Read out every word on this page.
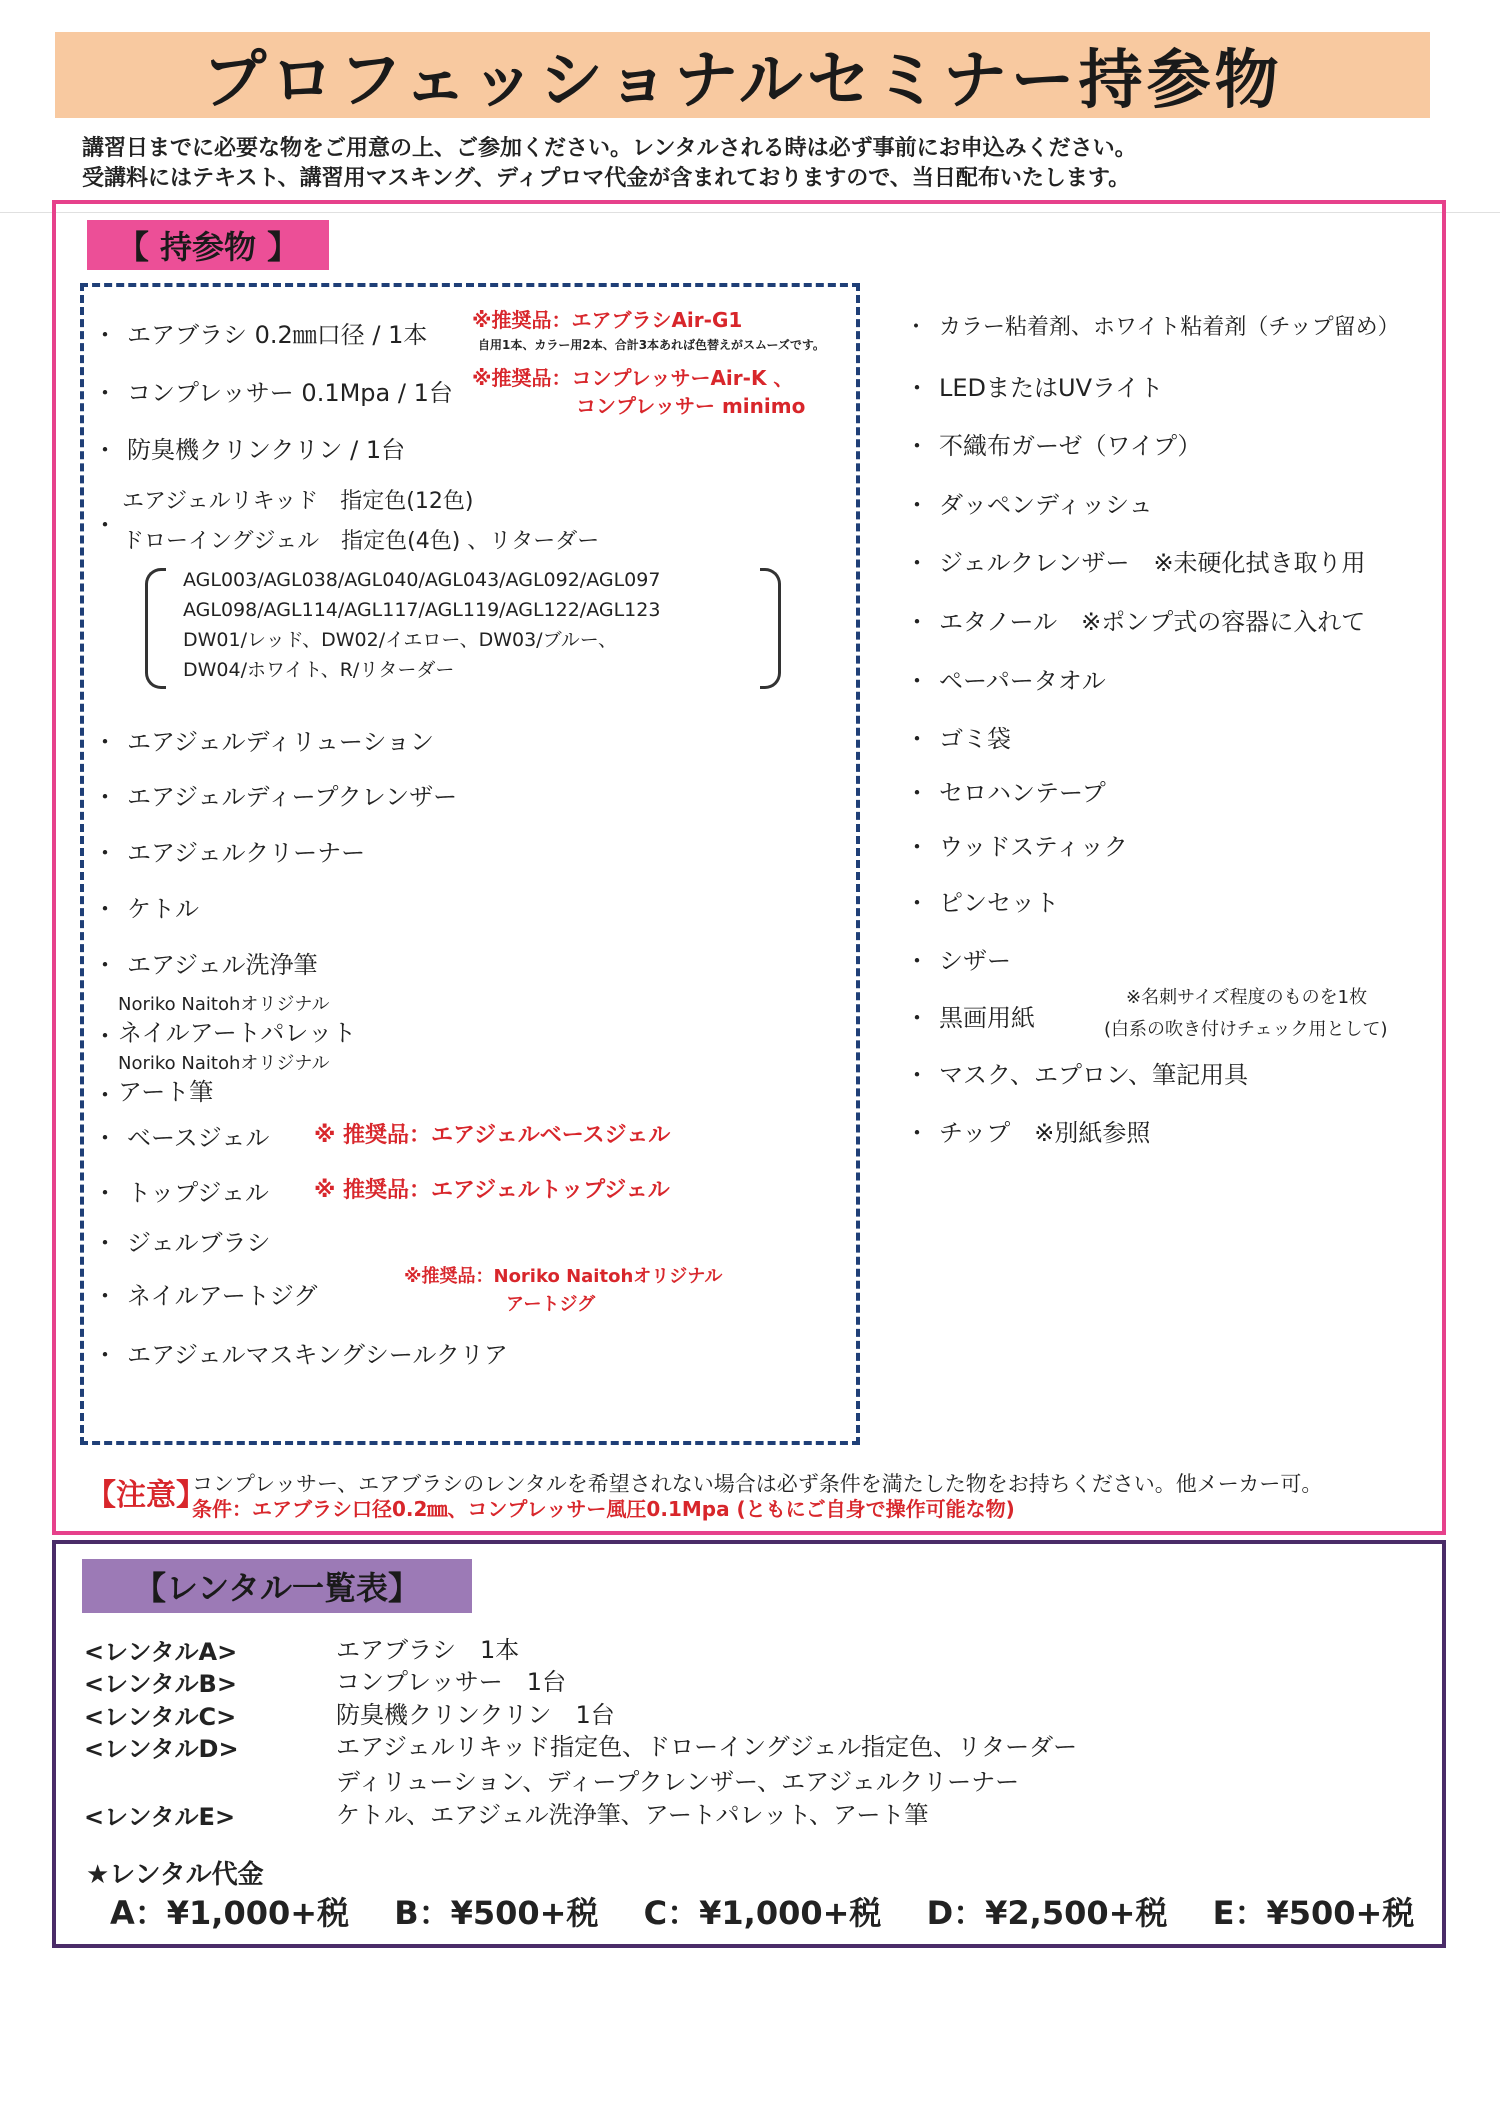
プロフェッショナルセミナー持参物
講習日までに必要な物をご用意の上、ご参加ください。レンタルされる時は必ず事前にお申込みください。
受講料にはテキスト、講習用マスキング、ディプロマ代金が含まれておりますので、当日配布いたします。
【 持参物 】
・ エアブラシ 0.2㎜口径 / 1本
※推奨品：エアブラシAir-G1
自用1本、カラー用2本、合計3本あれば色替えがスムーズです。
・ コンプレッサー 0.1Mpa / 1台
※推奨品：コンプレッサーAir-K 、
コンプレッサー minimo
・ 防臭機クリンクリン / 1台
・
エアジェルリキッド　指定色(12色)
ドローイングジェル　指定色(4色) 、リターダー
AGL003/AGL038/AGL040/AGL043/AGL092/AGL097
AGL098/AGL114/AGL117/AGL119/AGL122/AGL123
DW01/レッド、DW02/イエロー、DW03/ブルー、
DW04/ホワイト、R/リターダー
・ エアジェルディリューション
・ エアジェルディープクレンザー
・ エアジェルクリーナー
・ ケトル
・ エアジェル洗浄筆
・
Noriko Naitohオリジナル
ネイルアートパレット
・
Noriko Naitohオリジナル
アート筆
・ ベースジェル ※ 推奨品：エアジェルベースジェル
・ トップジェル ※ 推奨品：エアジェルトップジェル
・ ジェルブラシ
・ ネイルアートジグ
※推奨品：Noriko Naitohオリジナル
アートジグ
・ エアジェルマスキングシールクリア
・ カラー粘着剤、ホワイト粘着剤（チップ留め）
・ LEDまたはUVライト
・ 不織布ガーゼ（ワイプ）
・ ダッペンディッシュ
・ ジェルクレンザー　※未硬化拭き取り用
・ エタノール　※ポンプ式の容器に入れて
・ ペーパータオル
・ ゴミ袋
・ セロハンテープ
・ ウッドスティック
・ ピンセット
・ シザー
・ 黒画用紙
※名刺サイズ程度のものを1枚
(白系の吹き付けチェック用として)
・ マスク、エプロン、筆記用具
・ チップ　※別紙参照
【注意】
コンプレッサー、エアブラシのレンタルを希望されない場合は必ず条件を満たした物をお持ちください。他メーカー可。
条件：エアブラシ口径0.2㎜、コンプレッサー風圧0.1Mpa (ともにご自身で操作可能な物)
【レンタル一覧表】
<レンタルA>	エアブラシ　1本
<レンタルB>	コンプレッサー　1台
<レンタルC>	防臭機クリンクリン　1台
<レンタルD>	エアジェルリキッド指定色、ドローイングジェル指定色、リターダー
ディリューション、ディープクレンザー、エアジェルクリーナー
<レンタルE>	ケトル、エアジェル洗浄筆、アートパレット、アート筆
★レンタル代金
A：¥1,000+税 B：¥500+税 C：¥1,000+税 D：¥2,500+税 E：¥500+税
